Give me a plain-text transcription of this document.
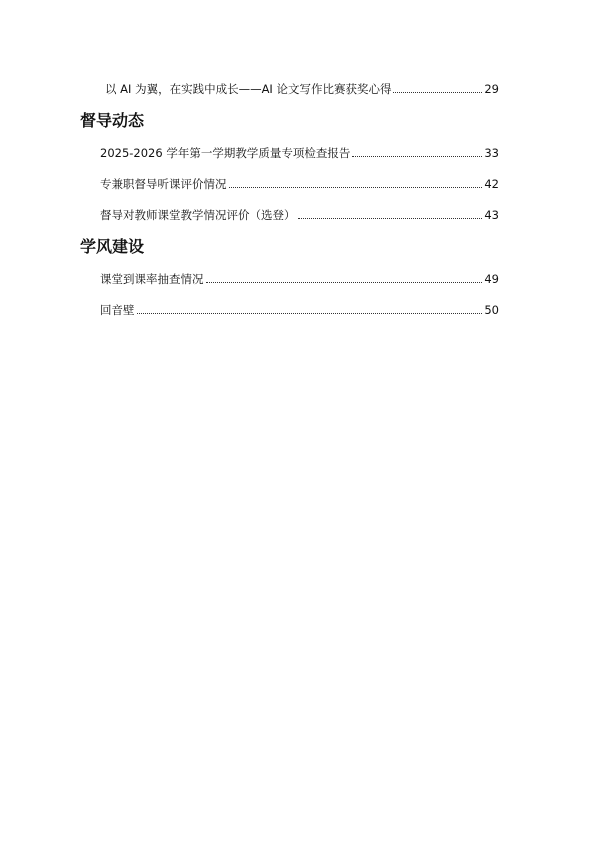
以 AI 为翼，在实践中成长——AI 论文写作比赛获奖心得	29
督导动态
2025-2026 学年第一学期教学质量专项检查报告	33
专兼职督导听课评价情况	42
督导对教师课堂教学情况评价（选登）	43
学风建设
课堂到课率抽查情况	49
回音壁	50
